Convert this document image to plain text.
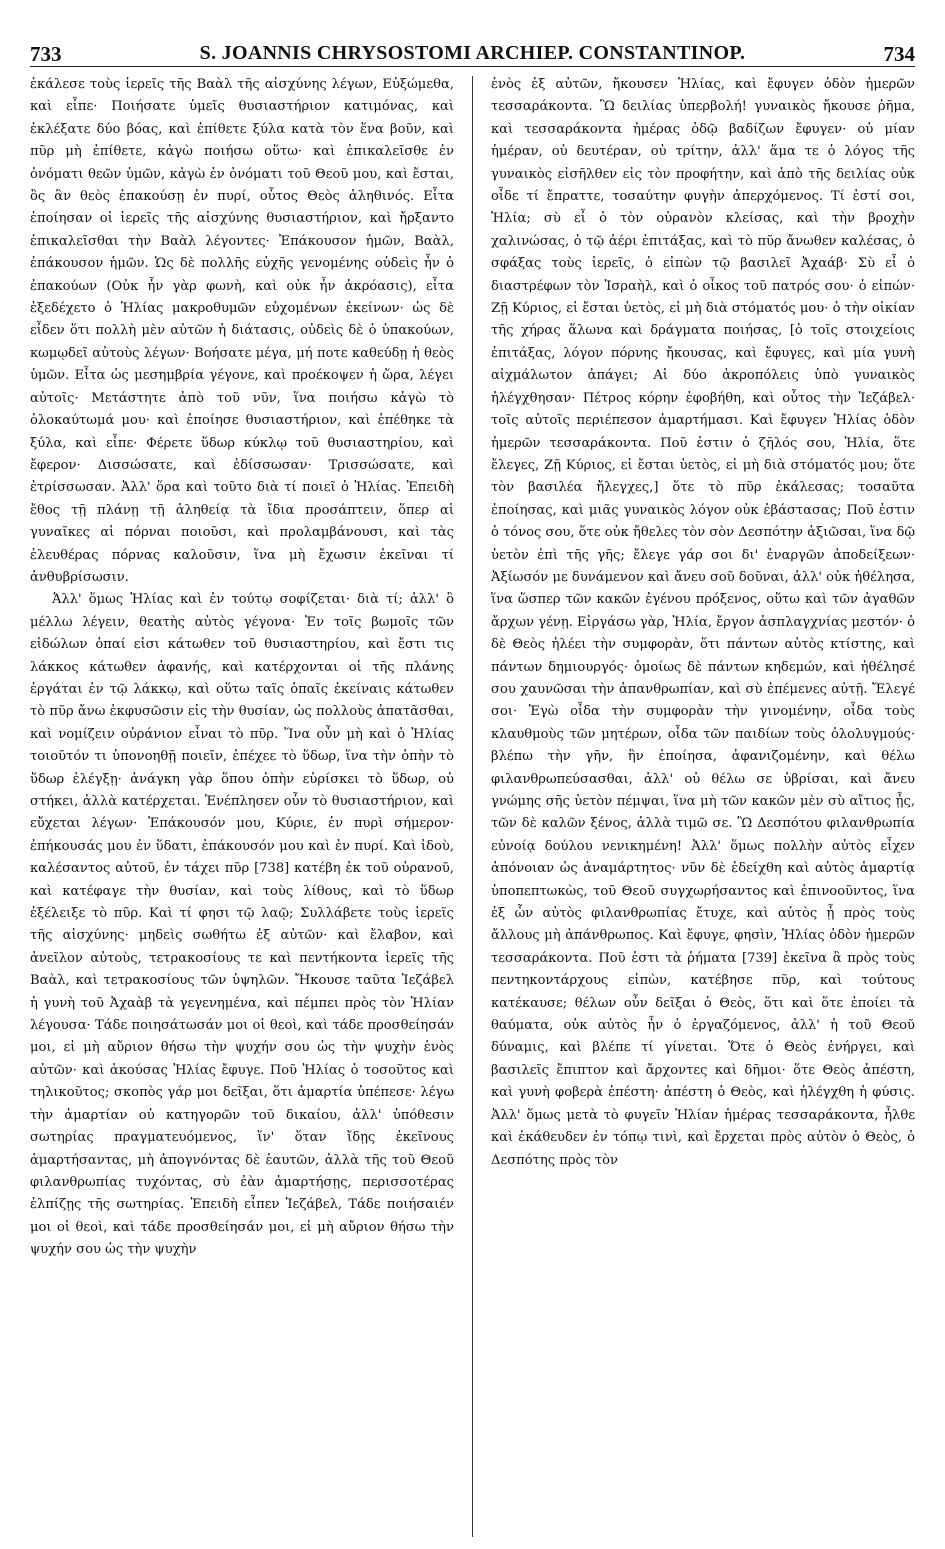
733	S. JOANNIS CHRYSOSTOMI ARCHIEP. CONSTANTINOP.	734

ἐκάλεσε τοὺς ἱερεῖς τῆς Βαὰλ τῆς αἰσχύνης λέγων, Εὐξώμεθα, καὶ εἶπε· Ποιήσατε ὑμεῖς θυσιαστήριον κατιμόνας, καὶ ἐκλέξατε δύο βόας, καὶ ἐπίθετε ξύλα κατὰ τὸν ἕνα βοῦν, καὶ πῦρ μὴ ἐπίθετε, κἀγὼ ποιήσω οὕτω· καὶ ἐπικαλεῖσθε ἐν ὀνόματι θεῶν ὑμῶν, κἀγὼ ἐν ὀνόματι τοῦ Θεοῦ μου, καὶ ἔσται, ὃς ἂν θεὸς ἐπακούσῃ ἐν πυρί, οὗτος Θεὸς ἀληθινός. Εἶτα ἐποίησαν οἱ ἱερεῖς τῆς αἰσχύνης θυσιαστήριον, καὶ ἤρξαντο ἐπικαλεῖσθαι τὴν Βαὰλ λέγοντες· Ἐπάκουσον ἡμῶν, Βαὰλ, ἐπάκουσον ἡμῶν. Ὡς δὲ πολλῆς εὐχῆς γενομένης οὐδεὶς ἦν ὁ ἐπακούων (Οὐκ ἦν γὰρ φωνὴ, καὶ οὐκ ἦν ἀκρόασις), εἶτα ἐξεδέχετο ὁ Ἠλίας μακροθυμῶν εὐχομένων ἐκείνων· ὡς δὲ εἶδεν ὅτι πολλὴ μὲν αὐτῶν ἡ διάτασις, οὐδεὶς δὲ ὁ ὑπακούων, κωμῳδεῖ αὐτοὺς λέγων· Βοήσατε μέγα, μή ποτε καθεύδῃ ἡ θεὸς ὑμῶν. Εἶτα ὡς μεσημβρία γέγονε, καὶ προέκοψεν ἡ ὥρα, λέγει αὐτοῖς· Μετάστητε ἀπὸ τοῦ νῦν, ἵνα ποιήσω κἀγὼ τὸ ὁλοκαύτωμά μου· καὶ ἐποίησε θυσιαστήριον, καὶ ἐπέθηκε τὰ ξύλα, καὶ εἶπε· Φέρετε ὕδωρ κύκλῳ τοῦ θυσιαστηρίου, καὶ ἔφερον· Δισσώσατε, καὶ ἐδίσσωσαν· Τρισσώσατε, καὶ ἐτρίσσωσαν. Ἀλλ' ὅρα καὶ τοῦτο διὰ τί ποιεῖ ὁ Ἠλίας. Ἐπειδὴ ἔθος τῇ πλάνῃ τῇ ἀληθείᾳ τὰ ἴδια προσάπτειν, ὅπερ αἱ γυναῖκες αἱ πόρναι ποιοῦσι, καὶ προλαμβάνουσι, καὶ τὰς ἐλευθέρας πόρνας καλοῦσιν, ἵνα μὴ ἔχωσιν ἐκεῖναι τί ἀνθυβρίσωσιν.

Ἀλλ' ὅμως Ἠλίας καὶ ἐν τούτῳ σοφίζεται· διὰ τί; ἀλλ' ὃ μέλλω λέγειν, θεατὴς αὐτὸς γέγονα· Ἐν τοῖς βωμοῖς τῶν εἰδώλων ὀπαί εἰσι κάτωθεν τοῦ θυσιαστηρίου, καὶ ἔστι τις λάκκος κάτωθεν ἀφανής, καὶ κατέρχονται οἱ τῆς πλάνης ἐργάται ἐν τῷ λάκκῳ, καὶ οὕτω ταῖς ὀπαῖς ἐκείναις κάτωθεν τὸ πῦρ ἄνω ἐκφυσῶσιν εἰς τὴν θυσίαν, ὡς πολλοὺς ἀπατᾶσθαι, καὶ νομίζειν οὐράνιον εἶναι τὸ πῦρ. Ἵνα οὖν μὴ καὶ ὁ Ἠλίας τοιοῦτόν τι ὑπονοηθῇ ποιεῖν, ἐπέχεε τὸ ὕδωρ, ἵνα τὴν ὀπὴν τὸ ὕδωρ ἐλέγξῃ· ἀνάγκη γὰρ ὅπου ὀπὴν εὑρίσκει τὸ ὕδωρ, οὐ στήκει, ἀλλὰ κατέρχεται. Ἐνέπλησεν οὖν τὸ θυσιαστήριον, καὶ εὔχεται λέγων· Ἐπάκουσόν μου, Κύριε, ἐν πυρὶ σήμερον· ἐπήκουσάς μου ἐν ὕδατι, ἐπάκουσόν μου καὶ ἐν πυρί. Καὶ ἰδοὺ, καλέσαντος αὐτοῦ, ἐν τάχει πῦρ [738] κατέβη ἐκ τοῦ οὐρανοῦ, καὶ κατέφαγε τὴν θυσίαν, καὶ τοὺς λίθους, καὶ τὸ ὕδωρ ἐξέλειξε τὸ πῦρ. Καὶ τί φησι τῷ λαῷ; Συλλάβετε τοὺς ἱερεῖς τῆς αἰσχύνης· μηδεὶς σωθήτω ἐξ αὐτῶν· καὶ ἔλαβον, καὶ ἀνεῖλον αὐτοὺς, τετρακοσίους τε καὶ πεντήκοντα ἱερεῖς τῆς Βαὰλ, καὶ τετρακοσίους τῶν ὑψηλῶν. Ἤκουσε ταῦτα Ἰεζάβελ ἡ γυνὴ τοῦ Ἀχαὰβ τὰ γεγενημένα, καὶ πέμπει πρὸς τὸν Ἠλίαν λέγουσα· Τάδε ποιησάτωσάν μοι οἱ θεοὶ, καὶ τάδε προσθείησάν μοι, εἰ μὴ αὔριον θήσω τὴν ψυχήν σου ὡς τὴν ψυχὴν ἑνὸς αὐτῶν· καὶ ἀκούσας Ἠλίας ἔφυγε. Ποῦ Ἠλίας ὁ τοσοῦτος καὶ τηλικοῦτος; σκοπὸς γάρ μοι δεῖξαι, ὅτι ἁμαρτία ὑπέπεσε· λέγω τὴν ἁμαρτίαν οὐ κατηγορῶν τοῦ δικαίου, ἀλλ' ὑπόθεσιν σωτηρίας πραγματευόμενος, ἵν' ὅταν ἴδῃς ἐκεῖνους ἁμαρτήσαντας, μὴ ἀπογνόντας δὲ ἑαυτῶν, ἀλλὰ τῆς τοῦ Θεοῦ φιλανθρωπίας τυχόντας, σὺ ἐὰν ἁμαρτήσῃς, περισσοτέρας ἐλπίζῃς τῆς σωτηρίας. Ἐπειδὴ εἶπεν Ἰεζάβελ, Τάδε ποιήσαιέν μοι οἱ θεοὶ, καὶ τάδε προσθείησάν μοι, εἰ μὴ αὔριον θήσω τὴν ψυχήν σου ὡς τὴν ψυχὴν

ἑνὸς ἐξ αὐτῶν, ἤκουσεν Ἠλίας, καὶ ἔφυγεν ὁδὸν ἡμερῶν τεσσαράκοντα. Ὢ δειλίας ὑπερβολή! γυναικὸς ἤκουσε ῥῆμα, καὶ τεσσαράκοντα ἡμέρας ὁδῷ βαδίζων ἔφυγεν· οὐ μίαν ἡμέραν, οὐ δευτέραν, οὐ τρίτην, ἀλλ' ἅμα τε ὁ λόγος τῆς γυναικὸς εἰσῆλθεν εἰς τὸν προφήτην, καὶ ἀπὸ τῆς δειλίας οὐκ οἶδε τί ἔπραττε, τοσαύτην φυγὴν ἀπερχόμενος. Τί ἐστί σοι, Ἠλία; σὺ εἶ ὁ τὸν οὐρανὸν κλείσας, καὶ τὴν βροχὴν χαλινώσας, ὁ τῷ ἀέρι ἐπιτάξας, καὶ τὸ πῦρ ἄνωθεν καλέσας, ὁ σφάξας τοὺς ἱερεῖς, ὁ εἰπὼν τῷ βασιλεῖ Ἀχαάβ· Σὺ εἶ ὁ διαστρέφων τὸν Ἰσραὴλ, καὶ ὁ οἶκος τοῦ πατρός σου· ὁ εἰπών· Ζῇ Κύριος, εἰ ἔσται ὑετὸς, εἰ μὴ διὰ στόματός μου· ὁ τὴν οἰκίαν τῆς χήρας ἅλωνα καὶ δράγματα ποιήσας, [ὁ τοῖς στοιχείοις ἐπιτάξας, λόγον πόρνης ἤκουσας, καὶ ἔφυγες, καὶ μία γυνὴ αἰχμάλωτον ἀπάγει; Αἱ δύο ἀκροπόλεις ὑπὸ γυναικὸς ἠλέγχθησαν· Πέτρος κόρην ἐφοβήθη, καὶ οὗτος τὴν Ἰεζάβελ· τοῖς αὐτοῖς περιέπεσον ἁμαρτήμασι. Καὶ ἔφυγεν Ἠλίας ὁδὸν ἡμερῶν τεσσαράκοντα. Ποῦ ἐστιν ὁ ζῆλός σου, Ἠλία, ὅτε ἔλεγες, Ζῇ Κύριος, εἰ ἔσται ὑετὸς, εἰ μὴ διὰ στόματός μου; ὅτε τὸν βασιλέα ἤλεγχες,] ὅτε τὸ πῦρ ἐκάλεσας; τοσαῦτα ἐποίησας, καὶ μιᾶς γυναικὸς λόγον οὐκ ἐβάστασας; Ποῦ ἐστιν ὁ τόνος σου, ὅτε οὐκ ἤθελες τὸν σὸν Δεσπότην ἀξιῶσαι, ἵνα δῷ ὑετὸν ἐπὶ τῆς γῆς; ἔλεγε γάρ σοι δι' ἐναργῶν ἀποδείξεων· Ἀξίωσόν με δυνάμενον καὶ ἄνευ σοῦ δοῦναι, ἀλλ' οὐκ ἠθέλησα, ἵνα ὥσπερ τῶν κακῶν ἐγένου πρόξενος, οὕτω καὶ τῶν ἀγαθῶν ἄρχων γένῃ. Εἰργάσω γὰρ, Ἠλία, ἔργον ἀσπλαγχνίας μεστόν· ὁ δὲ Θεὸς ἠλέει τὴν συμφορὰν, ὅτι πάντων αὐτὸς κτίστης, καὶ πάντων δημιουργός· ὁμοίως δὲ πάντων κηδεμών, καὶ ἠθέλησέ σου χαυνῶσαι τὴν ἀπανθρωπίαν, καὶ σὺ ἐπέμενες αὐτῇ. Ἔλεγέ σοι· Ἐγὼ οἶδα τὴν συμφορὰν τὴν γινομένην, οἶδα τοὺς κλαυθμοὺς τῶν μητέρων, οἶδα τῶν παιδίων τοὺς ὀλολυγμούς· βλέπω τὴν γῆν, ἣν ἐποίησα, ἀφανιζομένην, καὶ θέλω φιλανθρωπεύσασθαι, ἀλλ' οὐ θέλω σε ὑβρίσαι, καὶ ἄνευ γνώμης σῆς ὑετὸν πέμψαι, ἵνα μὴ τῶν κακῶν μὲν σὺ αἴτιος ᾖς, τῶν δὲ καλῶν ξένος, ἀλλὰ τιμῶ σε. Ὢ Δεσπότου φιλανθρωπία εὐνοίᾳ δούλου νενικημένη! Ἀλλ' ὅμως πολλὴν αὐτὸς εἶχεν ἀπόνοιαν ὡς ἀναμάρτητος· νῦν δὲ ἐδείχθη καὶ αὐτὸς ἁμαρτίᾳ ὑποπεπτωκὼς, τοῦ Θεοῦ συγχωρήσαντος καὶ ἐπινοοῦντος, ἵνα ἐξ ὧν αὐτὸς φιλανθρωπίας ἔτυχε, καὶ αὐτὸς ᾖ πρὸς τοὺς ἄλλους μὴ ἀπάνθρωπος. Καὶ ἔφυγε, φησὶν, Ἠλίας ὁδὸν ἡμερῶν τεσσαράκοντα. Ποῦ ἐστι τὰ ῥήματα [739] ἐκεῖνα ἃ πρὸς τοὺς πεντηκοντάρχους εἰπὼν, κατέβησε πῦρ, καὶ τούτους κατέκαυσε; θέλων οὖν δεῖξαι ὁ Θεὸς, ὅτι καὶ ὅτε ἐποίει τὰ θαύματα, οὐκ αὐτὸς ἦν ὁ ἐργαζόμενος, ἀλλ' ἡ τοῦ Θεοῦ δύναμις, καὶ βλέπε τί γίνεται. Ὅτε ὁ Θεὸς ἐνήργει, καὶ βασιλεῖς ἔπιπτον καὶ ἄρχοντες καὶ δῆμοι· ὅτε Θεὸς ἀπέστη, καὶ γυνὴ φοβερὰ ἐπέστη· ἀπέστη ὁ Θεὸς, καὶ ἠλέγχθη ἡ φύσις. Ἀλλ' ὅμως μετὰ τὸ φυγεῖν Ἠλίαν ἡμέρας τεσσαράκοντα, ἦλθε καὶ ἐκάθευδεν ἐν τόπῳ τινὶ, καὶ ἔρχεται πρὸς αὐτὸν ὁ Θεὸς, ὁ Δεσπότης πρὸς τὸν
